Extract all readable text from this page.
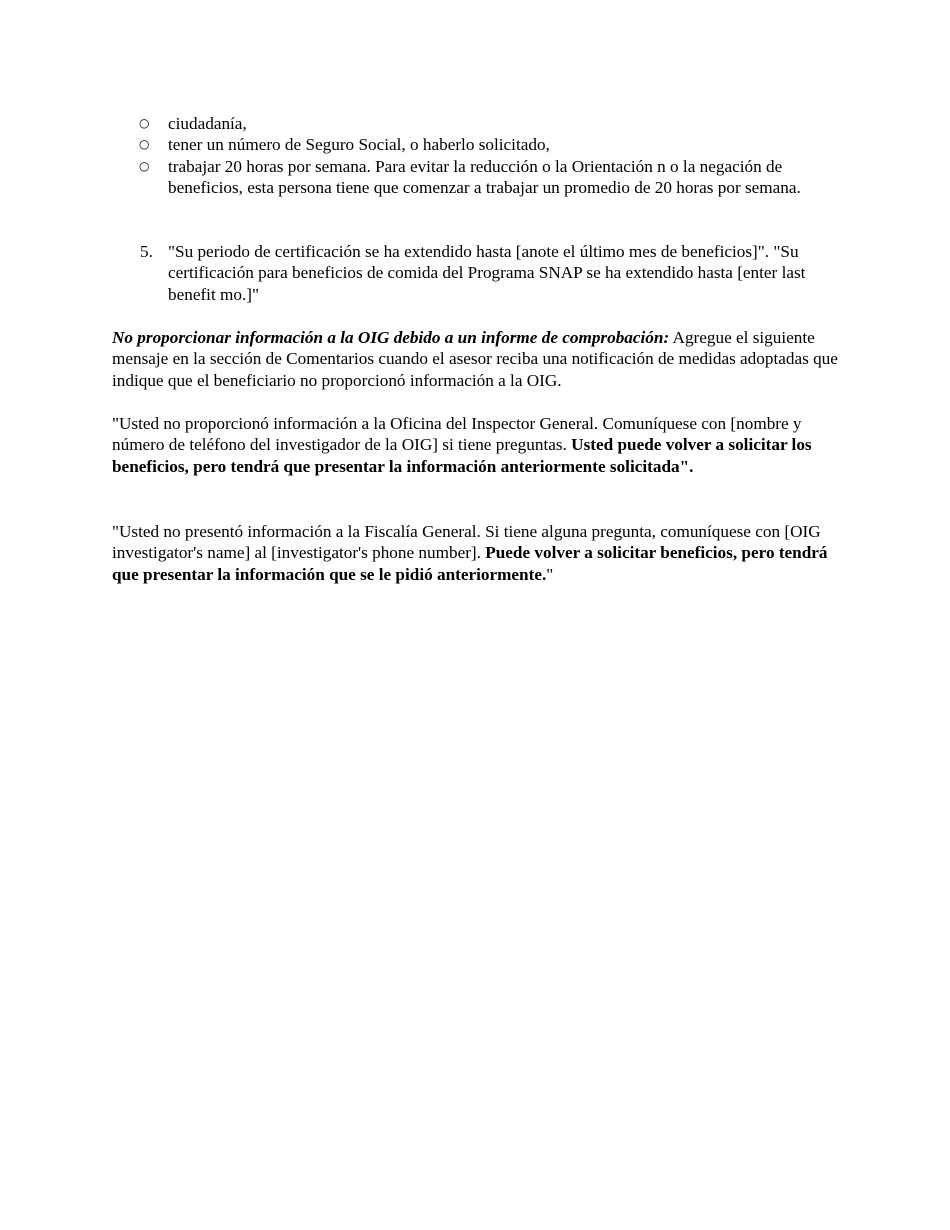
○ ciudadanía,
○ tener un número de Seguro Social, o haberlo solicitado,
○ trabajar 20 horas por semana. Para evitar la reducción o la Orientación n o la negación de beneficios, esta persona tiene que comenzar a trabajar un promedio de 20 horas por semana.
5. "Su periodo de certificación se ha extendido hasta [anote el último mes de beneficios]". "Su certificación para beneficios de comida del Programa SNAP se ha extendido hasta [enter last benefit mo.]"

No proporcionar información a la OIG debido a un informe de comprobación: Agregue el siguiente mensaje en la sección de Comentarios cuando el asesor reciba una notificación de medidas adoptadas que indique que el beneficiario no proporcionó información a la OIG.

"Usted no proporcionó información a la Oficina del Inspector General. Comuníquese con [nombre y número de teléfono del investigador de la OIG] si tiene preguntas. Usted puede volver a solicitar los beneficios, pero tendrá que presentar la información anteriormente solicitada".

"Usted no presentó información a la Fiscalía General. Si tiene alguna pregunta, comuníquese con [OIG investigator's name] al [investigator's phone number]. Puede volver a solicitar beneficios, pero tendrá que presentar la información que se le pidió anteriormente."
